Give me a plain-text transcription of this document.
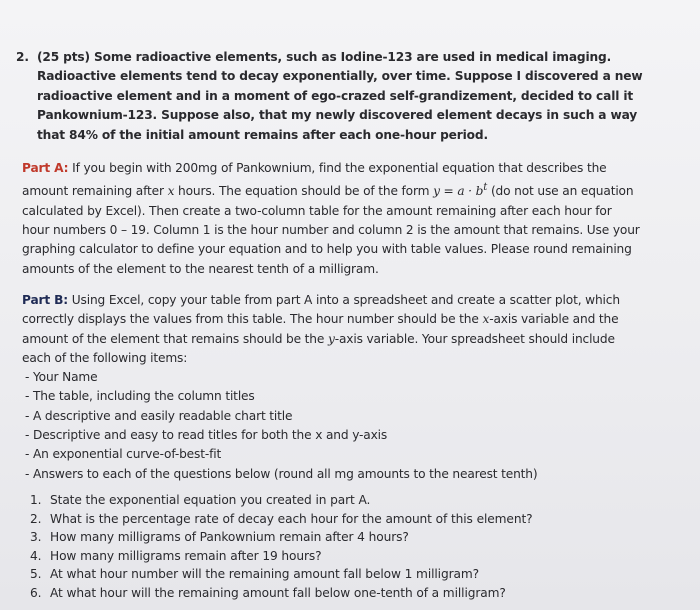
2. (25 pts) Some radioactive elements, such as Iodine-123 are used in medical imaging. Radioactive elements tend to decay exponentially, over time. Suppose I discovered a new radioactive element and in a moment of ego-crazed self-grandizement, decided to call it Pankownium-123. Suppose also, that my newly discovered element decays in such a way that 84% of the initial amount remains after each one-hour period.
Part A: If you begin with 200mg of Pankownium, find the exponential equation that describes the amount remaining after x hours. The equation should be of the form $y = a \cdot b^t$ (do not use an equation calculated by Excel). Then create a two-column table for the amount remaining after each hour for hour numbers 0 – 19. Column 1 is the hour number and column 2 is the amount that remains. Use your graphing calculator to define your equation and to help you with table values. Please round remaining amounts of the element to the nearest tenth of a milligram.
Part B: Using Excel, copy your table from part A into a spreadsheet and create a scatter plot, which correctly displays the values from this table. The hour number should be the x-axis variable and the amount of the element that remains should be the y-axis variable. Your spreadsheet should include each of the following items:
- Your Name
- The table, including the column titles
- A descriptive and easily readable chart title
- Descriptive and easy to read titles for both the x and y-axis
- An exponential curve-of-best-fit
- Answers to each of the questions below (round all mg amounts to the nearest tenth)
1. State the exponential equation you created in part A.
2. What is the percentage rate of decay each hour for the amount of this element?
3. How many milligrams of Pankownium remain after 4 hours?
4. How many milligrams remain after 19 hours?
5. At what hour number will the remaining amount fall below 1 milligram?
6. At what hour will the remaining amount fall below one-tenth of a milligram?
